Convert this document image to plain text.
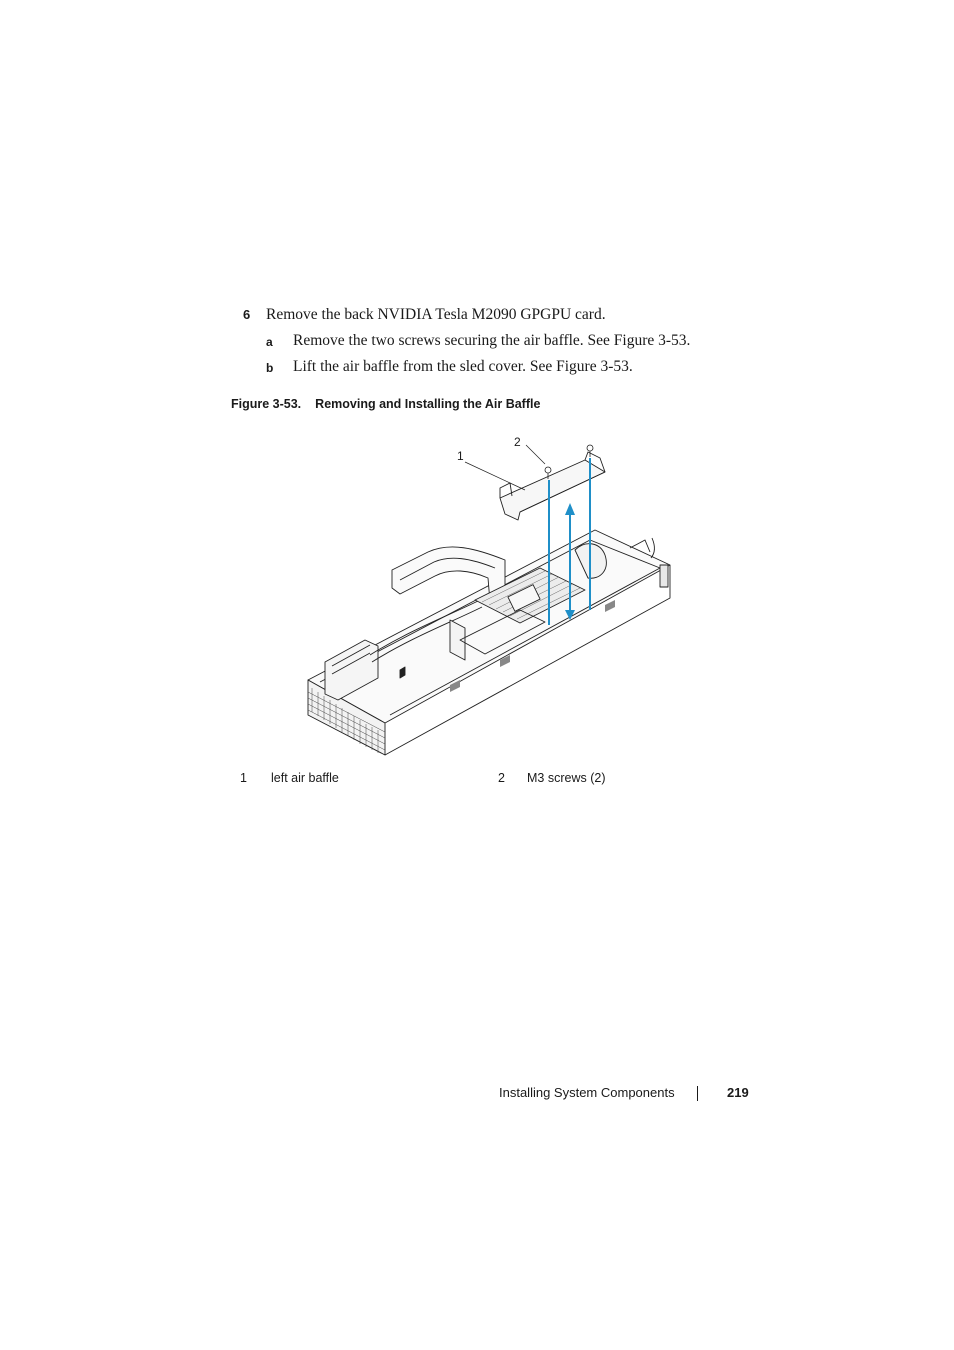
6 Remove the back NVIDIA Tesla M2090 GPGPU card.
a Remove the two screws securing the air baffle. See Figure 3-53.
b Lift the air baffle from the sled cover. See Figure 3-53.
Figure 3-53. Removing and Installing the Air Baffle
1
2
1 left air baffle	2 M3 screws (2)
Installing System Components	219
